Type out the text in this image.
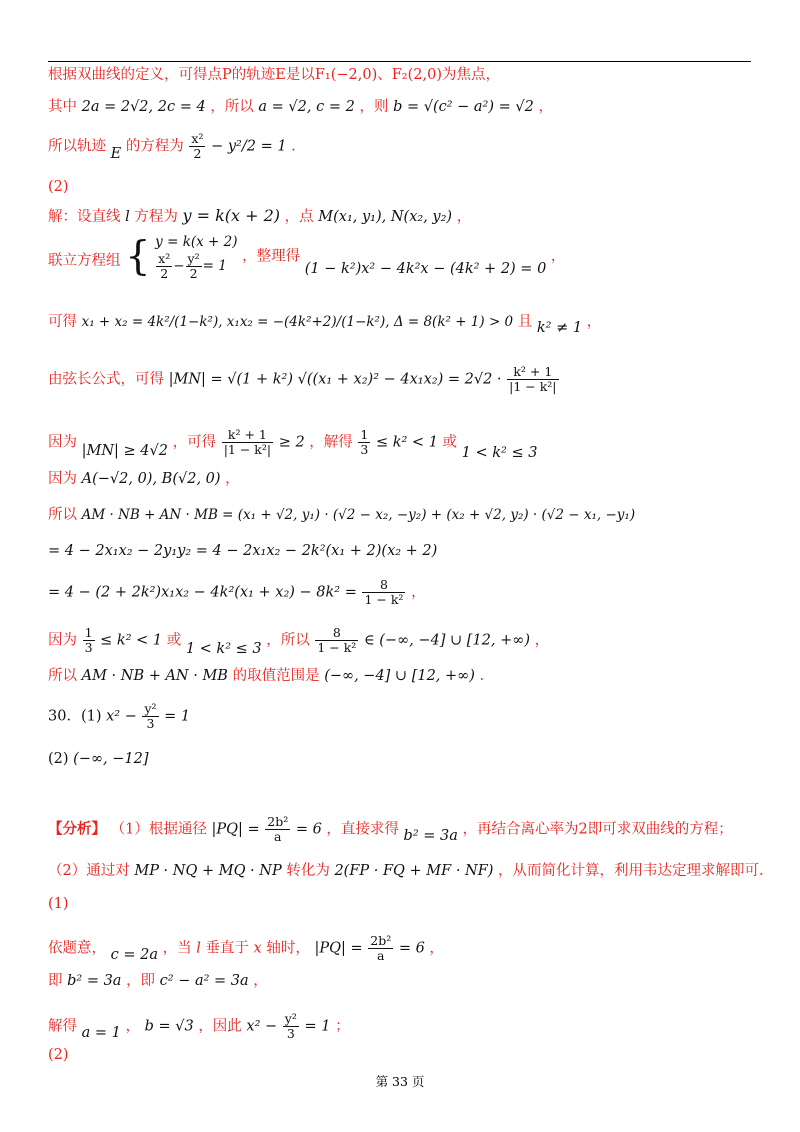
根据双曲线的定义，可得点P的轨迹E是以F₁(−2,0)、F₂(2,0)为焦点，
其中 2a = 2√2, 2c = 4 ，所以 a = √2, c = 2 ，则 b = √(c² − a²) = √2 ，
所以轨迹 E 的方程为 $\frac{\text{x²}}{2} - y^2/2 = 1$ .
(2)
解：设直线 l 方程为 y = k(x + 2) ，点 M(x₁, y₁), N(x₂, y₂) ，
联立方程组 { y = k(x + 2)
$\frac{\text{x²}}{2} - \frac{\text{y²}}{2} = 1$
，整理得 (1 − k²)x² − 4k²x − (4k² + 2) = 0 ，
可得 x₁ + x₂ = 4k²/(1−k²), x₁x₂ = −(4k²+2)/(1−k²), Δ = 8(k² + 1) > 0 且 k² ≠ 1 ，
由弦长公式，可得 |MN| = √(1 + k²) $√((x_1 + x_2)^2 - 4x_1x_2) = 2√2 \cdot \frac{\text{k² + 1}}{\text{|1 − k²|}}$
因为 |MN| ≥ 4√2 ，可得 $\frac{\text{k² + 1}}{\text{|1 − k²|}} \ge 2$ ，解得 $\frac{1}{3} \le k^2 < 1$ 或 1 < k² ≤ 3
因为 A(−√2, 0), B(√2, 0) ，
所以 AM · NB + AN · MB = (x₁ + √2, y₁) · (√2 − x₂, −y₂) + (x₂ + √2, y₂) · (√2 − x₁, −y₁)
= 4 − 2x₁x₂ − 2y₁y₂ = 4 − 2x₁x₂ − 2k²(x₁ + 2)(x₂ + 2)
= $4 - (2 + 2k^2)x_1x_2 - 4k^2(x_1 + x_2) - 8k^2 = \frac{8}{\text{1 − k²}}$ ，
因为 $\frac{1}{3} \le k^2 < 1$ 或 1 < k² ≤ 3 ，所以 $\frac{8}{\text{1 − k²}}$ ∈ (−∞, −4] ∪ [12, +∞) ，
所以 AM · NB + AN · MB 的取值范围是 (−∞, −4] ∪ [12, +∞) .
30．(1) $x^2 - \frac{\text{y²}}{3} = 1$
(2) (−∞, −12]
【分析】 （1）根据通径 $|PQ| = \frac{\text{2b²}}{a} = 6$ ，直接求得 b² = 3a ，再结合离心率为2即可求双曲线的方程；
（2）通过对 MP · NQ + MQ · NP 转化为 2(FP · FQ + MF · NF) ，从而简化计算，利用韦达定理求解即可.
(1)
依题意， c = 2a ，当 l 垂直于 x 轴时， $|PQ| = \frac{\text{2b²}}{a} = 6$ ，
即 b² = 3a ，即 c² − a² = 3a ，
解得 a = 1 ， b = √3 ，因此 $x^2 - \frac{\text{y²}}{3} = 1$ ；
(2)
第 33 页
